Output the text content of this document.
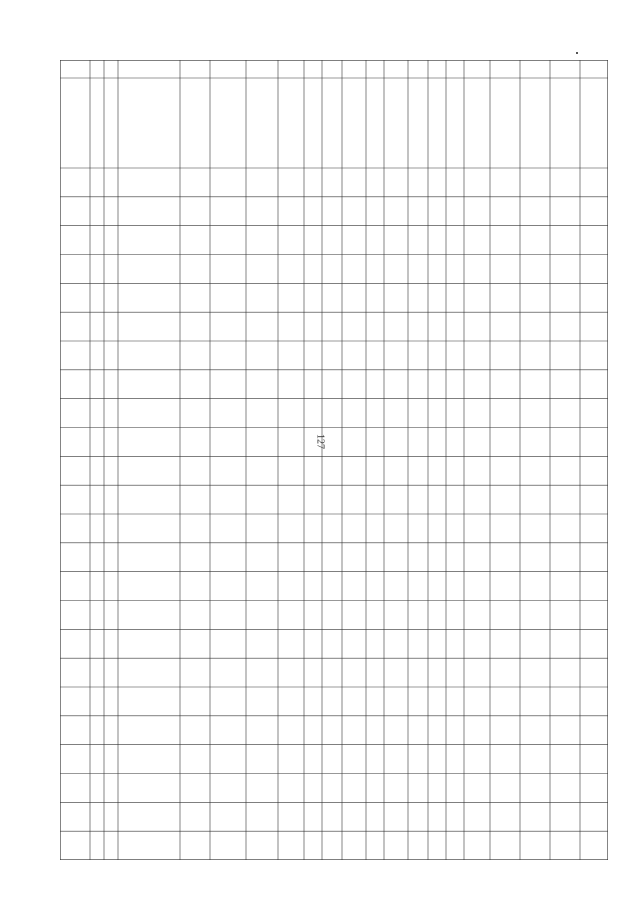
127
